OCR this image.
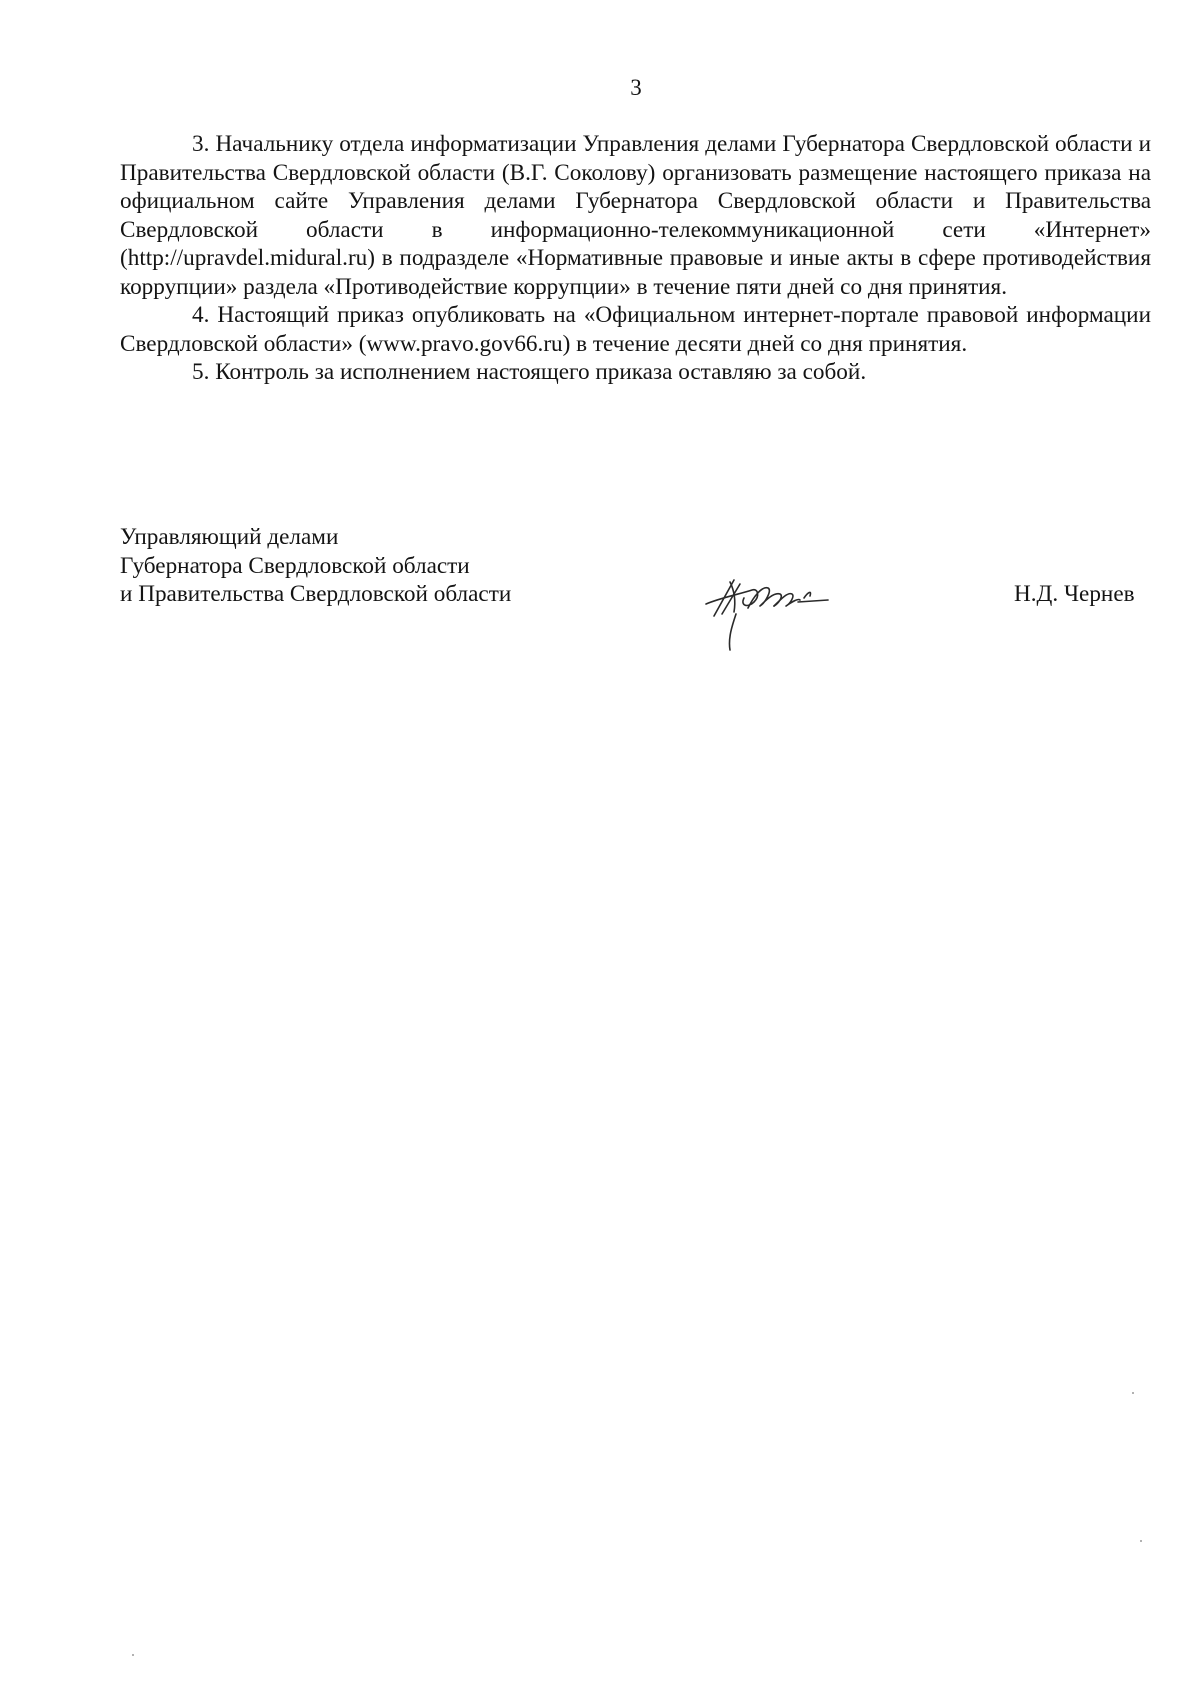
3

3. Начальнику отдела информатизации Управления делами Губернатора Свердловской области и Правительства Свердловской области (В.Г. Соколову) организовать размещение настоящего приказа на официальном сайте Управления делами Губернатора Свердловской области и Правительства Свердловской области в информационно-телекоммуникационной сети «Интернет» (http://upravdel.midural.ru) в подразделе «Нормативные правовые и иные акты в сфере противодействия коррупции» раздела «Противодействие коррупции» в течение пяти дней со дня принятия.

4. Настоящий приказ опубликовать на «Официальном интернет-портале правовой информации Свердловской области» (www.pravo.gov66.ru) в течение десяти дней со дня принятия.

5. Контроль за исполнением настоящего приказа оставляю за собой.

Управляющий делами
Губернатора Свердловской области
и Правительства Свердловской области	Н.Д. Чернев
